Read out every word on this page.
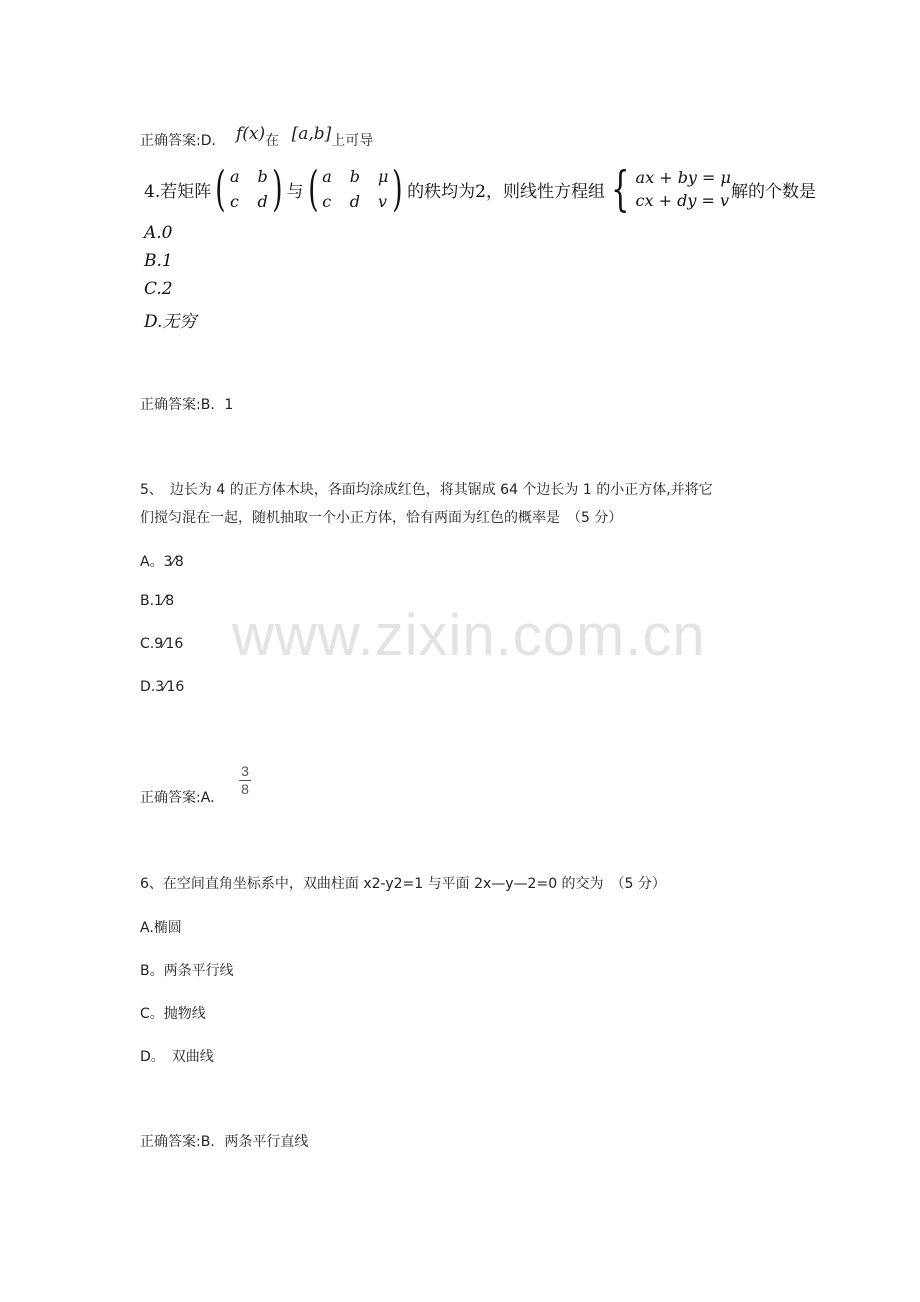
正确答案:D． f(x)在 [a,b]上可导
4.若矩阵 ( a b
c d ) 与 ( a b μ
c d v ) 的秩均为2，则线性方程组 { ax + by = μ
cx + dy = v 解的个数是
A.0
B.1
C.2
D.无穷
正确答案:B．1
5、　边长为 4 的正方体木块，各面均涂成红色，将其锯成 64 个边长为 1 的小正方体,并将它
们搅匀混在一起，随机抽取一个小正方体，恰有两面为红色的概率是　（5 分）
A。3⁄8
B.1⁄8
C.9⁄16
D.3⁄16
www.zixin.com.cn
正确答案:A．
3
8
6、在空间直角坐标系中，双曲柱面 x2-y2=1 与平面 2x—y—2=0 的交为　（5 分）
A.椭圆
B。两条平行线
C。抛物线
D。　双曲线
正确答案:B．两条平行直线
